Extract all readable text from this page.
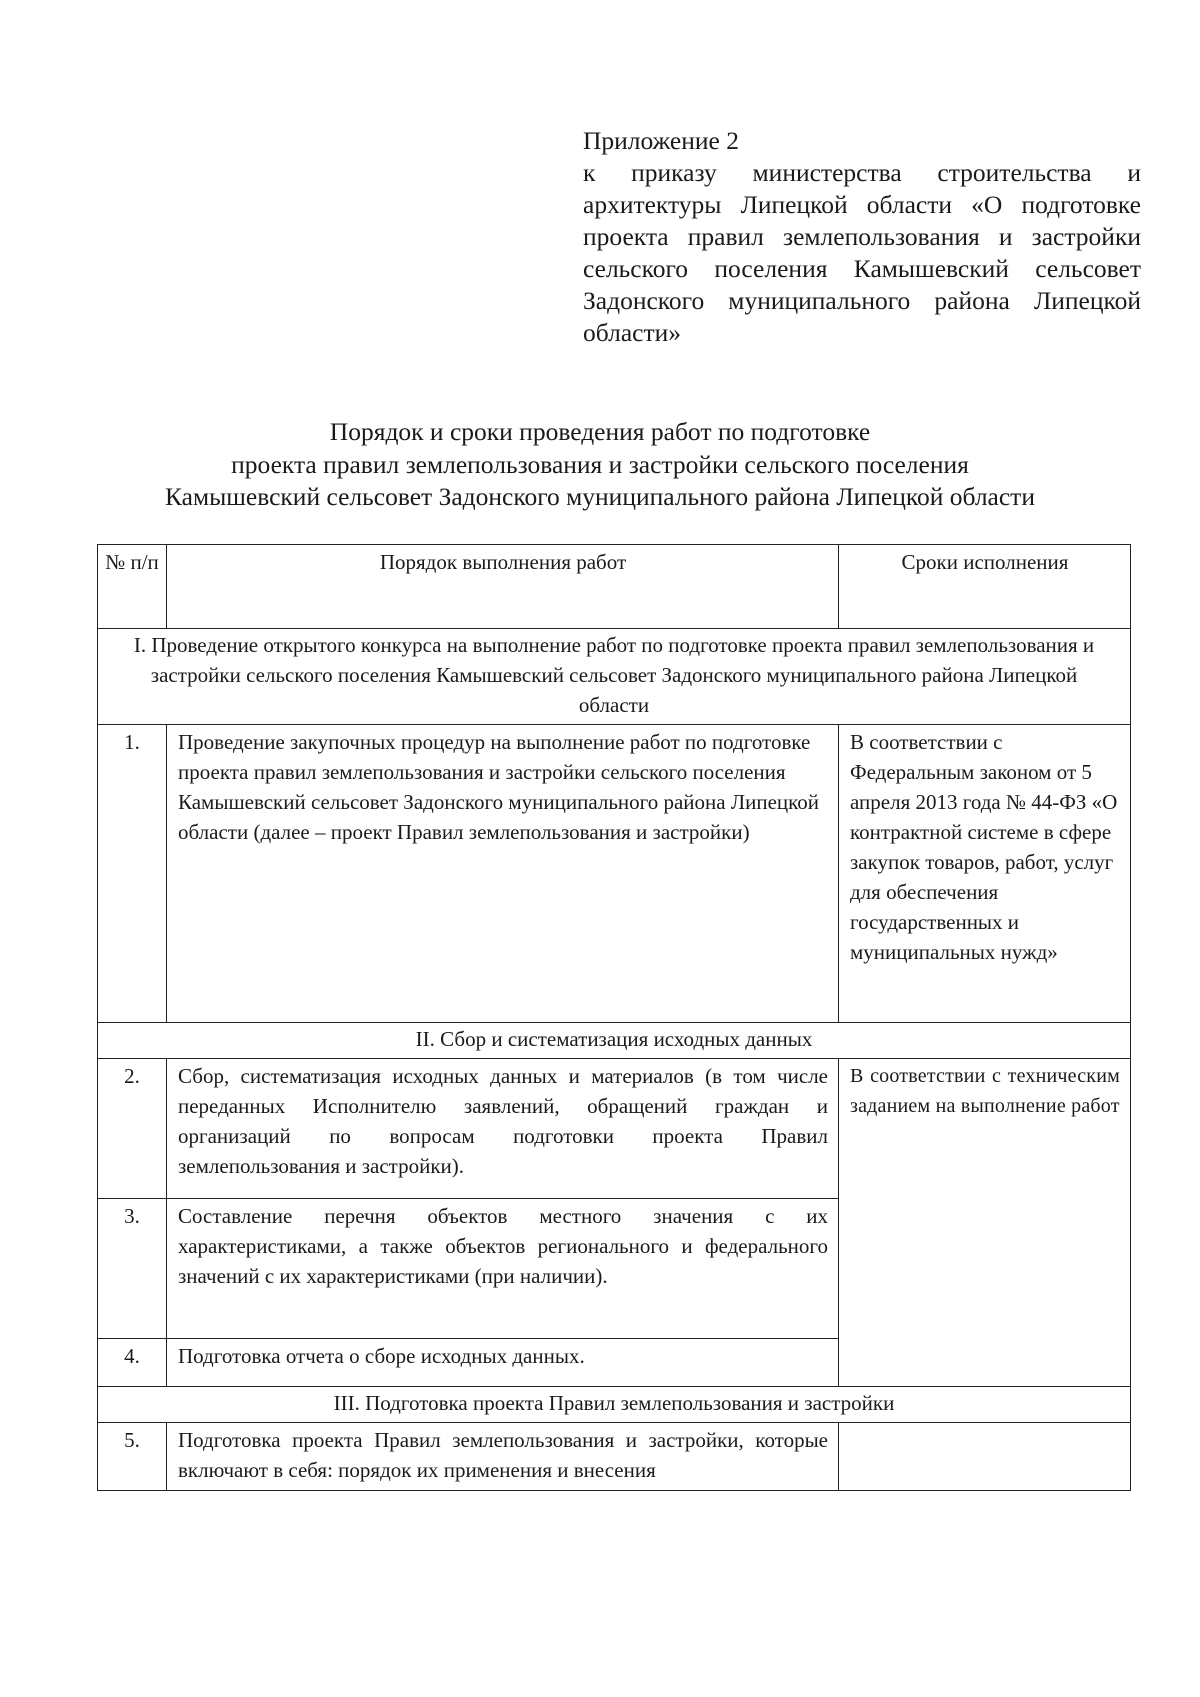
Приложение 2
к приказу министерства строительства и архитектуры Липецкой области «О подготовке проекта правил землепользования и застройки сельского поселения Камышевский сельсовет Задонского муниципального района Липецкой области»
Порядок и сроки проведения работ по подготовке
проекта правил землепользования и застройки сельского поселения
Камышевский сельсовет Задонского муниципального района Липецкой области
№ п/п	Порядок выполнения работ	Сроки исполнения
I. Проведение открытого конкурса на выполнение работ по подготовке проекта правил землепользования и застройки сельского поселения Камышевский сельсовет Задонского муниципального района Липецкой области		
1.	Проведение закупочных процедур на выполнение работ по подготовке проекта правил землепользования и застройки сельского поселения Камышевский сельсовет Задонского муниципального района Липецкой области (далее – проект Правил землепользования и застройки)	В соответствии с Федеральным законом от 5 апреля 2013 года № 44-ФЗ «О контрактной системе в сфере закупок товаров, работ, услуг для обеспечения государственных и муниципальных нужд»
II. Сбор и систематизация исходных данных		
2.	Сбор, систематизация исходных данных и материалов (в том числе переданных Исполнителю заявлений, обращений граждан и организаций по вопросам подготовки проекта Правил землепользования и застройки).	В соответствии с техническим заданием на выполнение работ

3.	Составление перечня объектов местного значения с их характеристиками, а также объектов регионального и федерального значений с их характеристиками (при наличии).	
4.	Подготовка отчета о сборе исходных данных.	
III. Подготовка проекта Правил землепользования и застройки		
5.	Подготовка проекта Правил землепользования и застройки, которые включают в себя: порядок их применения и внесения	
